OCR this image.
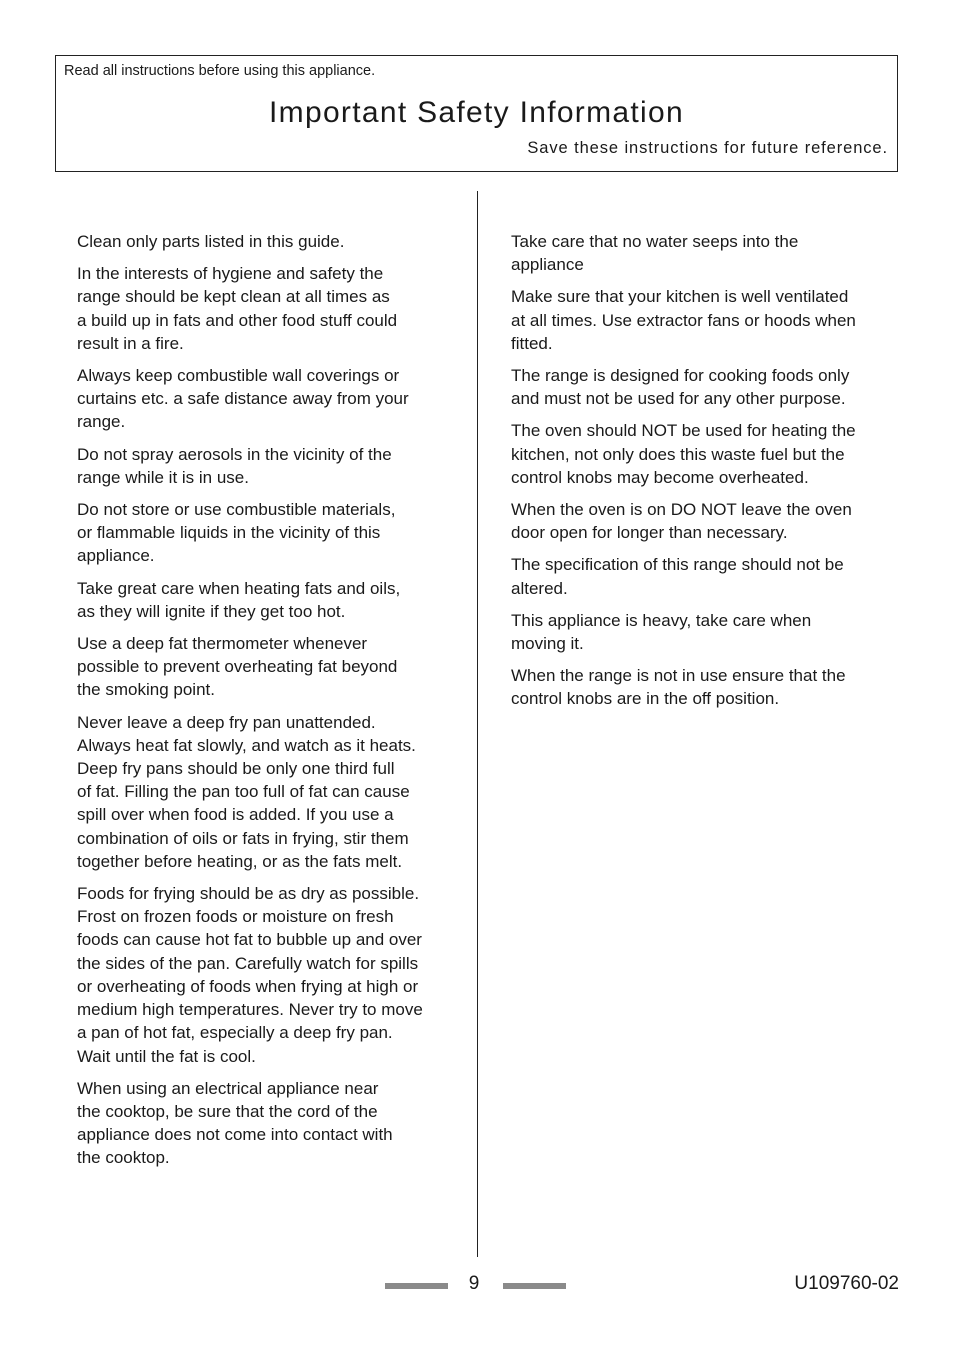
Read all instructions before using this appliance.
Important Safety Information
Save these instructions for future reference.

Clean only parts listed in this guide.

In the interests of hygiene and safety the
range should be kept clean at all times as
a build up in fats and other food stuff could
result in a fire.

Always keep combustible wall coverings or
curtains etc. a safe distance away from your
range.

Do not spray aerosols in the vicinity of the
range while it is in use.

Do not store or use combustible materials,
or flammable liquids in the vicinity of this
appliance.

Take great care when heating fats and oils,
as they will ignite if they get too hot.

Use a deep fat thermometer whenever
possible to prevent overheating fat beyond
the smoking point.

Never leave a deep fry pan unattended.
Always heat fat slowly, and watch as it heats.
Deep fry pans should be only one third full
of fat. Filling the pan too full of fat can cause
spill over when food is added. If you use a
combination of oils or fats in frying, stir them
together before heating, or as the fats melt.

Foods for frying should be as dry as possible.
Frost on frozen foods or moisture on fresh
foods can cause hot fat to bubble up and over
the sides of the pan. Carefully watch for spills
or overheating of foods when frying at high or
medium high temperatures. Never try to move
a pan of hot fat, especially a deep fry pan.
Wait until the fat is cool.

When using an electrical appliance near
the cooktop, be sure that the cord of the
appliance does not come into contact with
the cooktop.

Take care that no water seeps into the
appliance

Make sure that your kitchen is well ventilated
at all times. Use extractor fans or hoods when
fitted.

The range is designed for cooking foods only
and must not be used for any other purpose.

The oven should NOT be used for heating the
kitchen, not only does this waste fuel but the
control knobs may become overheated.

When the oven is on DO NOT leave the oven
door open for longer than necessary.

The specification of this range should not be
altered.

This appliance is heavy, take care when
moving it.

When the range is not in use ensure that the
control knobs are in the off position.

9	U109760-02
